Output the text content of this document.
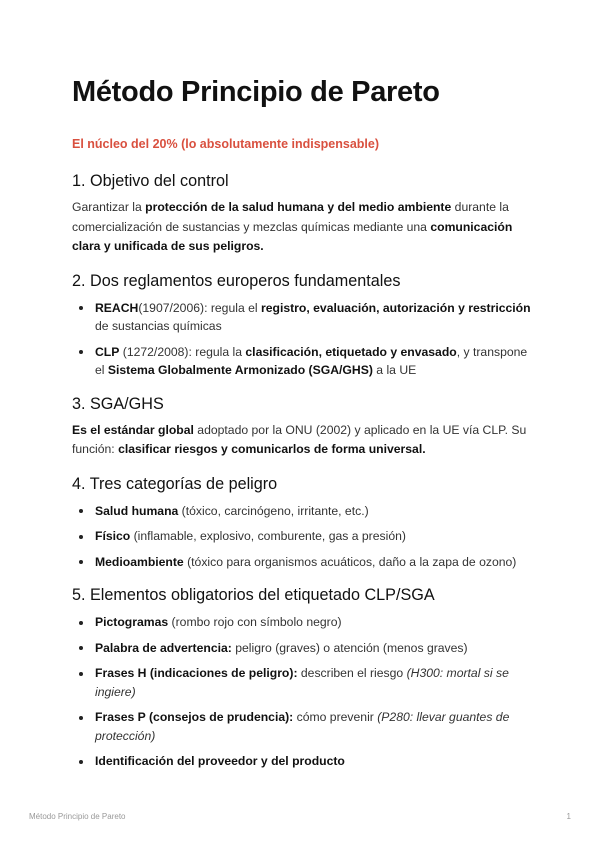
Método Principio de Pareto
El núcleo del 20% (lo absolutamente indispensable)
1. Objetivo del control

Garantizar la protección de la salud humana y del medio ambiente durante la comercialización de sustancias y mezclas químicas mediante una comunicación clara y unificada de sus peligros.

2. Dos reglamentos europeros fundamentales
REACH(1907/2006): regula el registro, evaluación, autorización y restricción de sustancias químicas
CLP (1272/2008): regula la clasificación, etiquetado y envasado, y transpone el Sistema Globalmente Armonizado (SGA/GHS) a la UE
3. SGA/GHS

Es el estándar global adoptado por la ONU (2002) y aplicado en la UE vía CLP. Su función: clasificar riesgos y comunicarlos de forma universal.

4. Tres categorías de peligro
Salud humana (tóxico, carcinógeno, irritante, etc.)
Físico (inflamable, explosivo, comburente, gas a presión)
Medioambiente (tóxico para organismos acuáticos, daño a la zapa de ozono)
5. Elementos obligatorios del etiquetado CLP/SGA
Pictogramas (rombo rojo con símbolo negro)
Palabra de advertencia: peligro (graves) o atención (menos graves)
Frases H (indicaciones de peligro): describen el riesgo (H300: mortal si se ingiere)
Frases P (consejos de prudencia): cómo prevenir (P280: llevar guantes de protección)
Identificación del proveedor y del producto
Método Principio de Pareto	1
